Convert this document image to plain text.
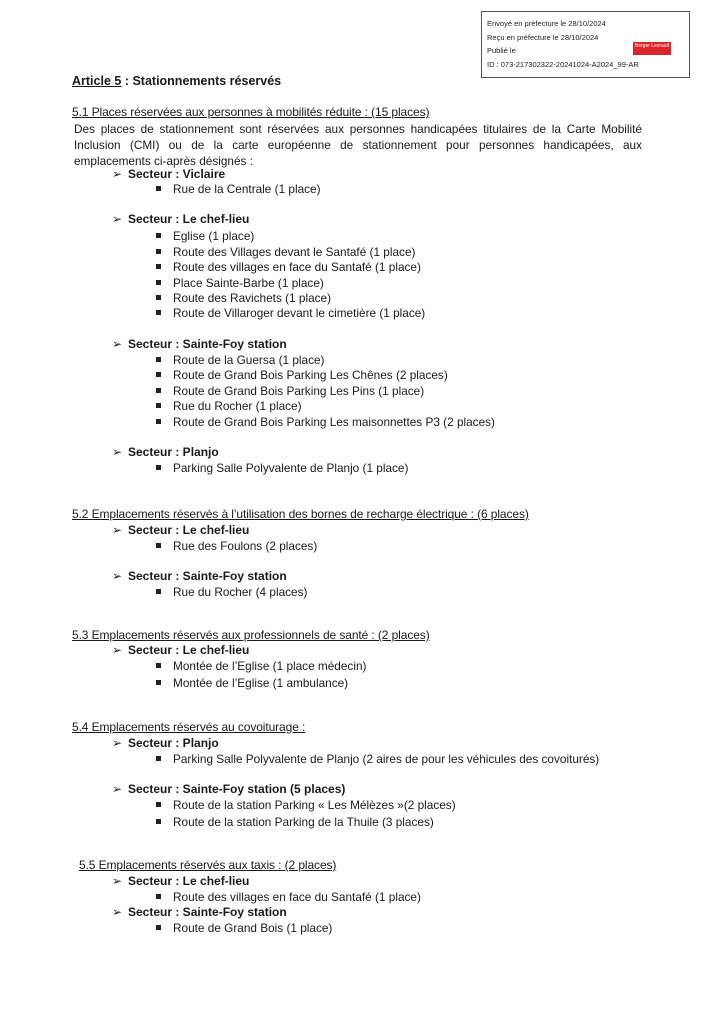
Envoyé en préfecture le 28/10/2024
Reçu en préfecture le 28/10/2024
Publié le
ID : 073-217302322-20241024-A2024_99-AR
Berger Levrault
Article 5 : Stationnements réservés
5.1 Places réservées aux personnes à mobilités réduite : (15 places)
Des places de stationnement sont réservées aux personnes handicapées titulaires de la Carte Mobilité Inclusion (CMI) ou de la carte européenne de stationnement pour personnes handicapées, aux emplacements ci-après désignés :
➢ Secteur : Viclaire
Rue de la Centrale (1 place)
➢ Secteur : Le chef-lieu
Eglise (1 place)
Route des Villages devant le Santafé (1 place)
Route des villages en face du Santafé (1 place)
Place Sainte-Barbe (1 place)
Route des Ravichets (1 place)
Route de Villaroger devant le cimetière (1 place)
➢ Secteur : Sainte-Foy station
Route de la Guersa (1 place)
Route de Grand Bois Parking Les Chênes (2 places)
Route de Grand Bois Parking Les Pins (1 place)
Rue du Rocher (1 place)
Route de Grand Bois Parking Les maisonnettes P3 (2 places)
➢ Secteur : Planjo
Parking Salle Polyvalente de Planjo (1 place)
5.2 Emplacements réservés à l’utilisation des bornes de recharge électrique : (6 places)
➢ Secteur : Le chef-lieu
Rue des Foulons (2 places)
➢ Secteur : Sainte-Foy station
Rue du Rocher (4 places)
5.3 Emplacements réservés aux professionnels de santé : (2 places)
➢ Secteur : Le chef-lieu
Montée de l’Eglise (1 place médecin)
Montée de l’Eglise (1 ambulance)
5.4 Emplacements réservés au covoiturage :
➢ Secteur : Planjo
Parking Salle Polyvalente de Planjo (2 aires de pour les véhicules des covoiturés)
➢ Secteur : Sainte-Foy station (5 places)
Route de la station Parking « Les Mélèzes »(2 places)
Route de la station Parking de la Thuile (3 places)
5.5 Emplacements réservés aux taxis : (2 places)
➢ Secteur : Le chef-lieu
Route des villages en face du Santafé (1 place)
➢ Secteur : Sainte-Foy station
Route de Grand Bois (1 place)
